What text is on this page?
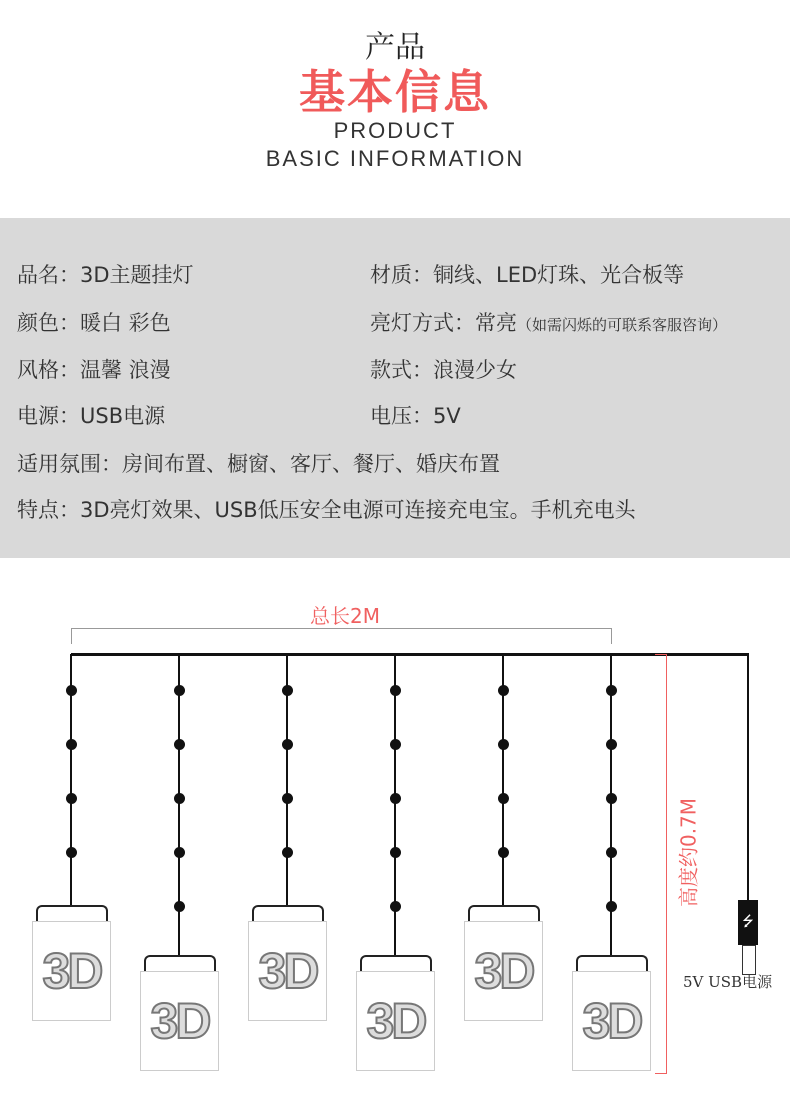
产品
基本信息
PRODUCT
BASIC INFORMATION
品名：3D主题挂灯	材质：铜线、LED灯珠、光合板等
颜色：暖白 彩色	亮灯方式：常亮（如需闪烁的可联系客服咨询）
风格：温馨 浪漫	款式：浪漫少女
电源：USB电源	电压：5V
适用氛围：房间布置、橱窗、客厅、餐厅、婚庆布置
特点：3D亮灯效果、USB低压安全电源可连接充电宝。手机充电头
总长2M
⭍
5V USB电源
高度约0.7M
3D
3D
3D
3D
3D
3D
